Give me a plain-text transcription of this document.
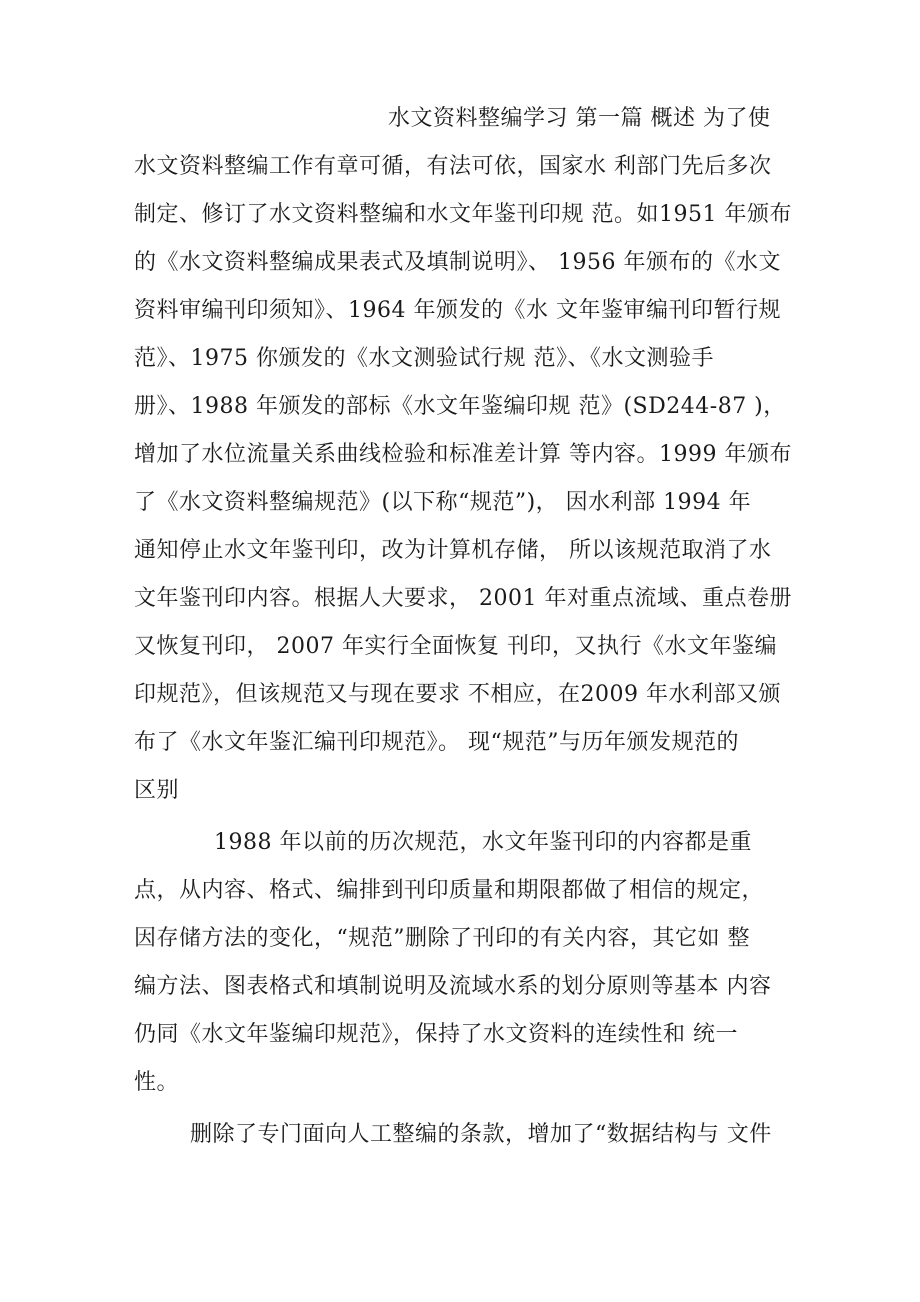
水文资料整编学习 第一篇 概述 为了使
水文资料整编工作有章可循，有法可依，国家水 利部门先后多次
制定、修订了水文资料整编和水文年鉴刊印规 范。如1951 年颁布
的《水文资料整编成果表式及填制说明》、 1956 年颁布的《水文
资料审编刊印须知》、1964 年颁发的《水 文年鉴审编刊印暂行规
范》、1975 你颁发的《水文测验试行规 范》、《水文测验手
册》、1988 年颁发的部标《水文年鉴编印规 范》(SD244-87 )，
增加了水位流量关系曲线检验和标准差计算 等内容。1999 年颁布
了《水文资料整编规范》(以下称“规范”)， 因水利部 1994 年
通知停止水文年鉴刊印，改为计算机存储， 所以该规范取消了水
文年鉴刊印内容。根据人大要求， 2001 年对重点流域、重点卷册
又恢复刊印， 2007 年实行全面恢复 刊印，又执行《水文年鉴编
印规范》，但该规范又与现在要求 不相应，在2009 年水利部又颁
布了《水文年鉴汇编刊印规范》。 现“规范”与历年颁发规范的
区别
1988 年以前的历次规范，水文年鉴刊印的内容都是重
点，从内容、格式、编排到刊印质量和期限都做了相信的规定，
因存储方法的变化，“规范”删除了刊印的有关内容，其它如 整
编方法、图表格式和填制说明及流域水系的划分原则等基本 内容
仍同《水文年鉴编印规范》，保持了水文资料的连续性和 统一
性。
删除了专门面向人工整编的条款，增加了“数据结构与 文件
